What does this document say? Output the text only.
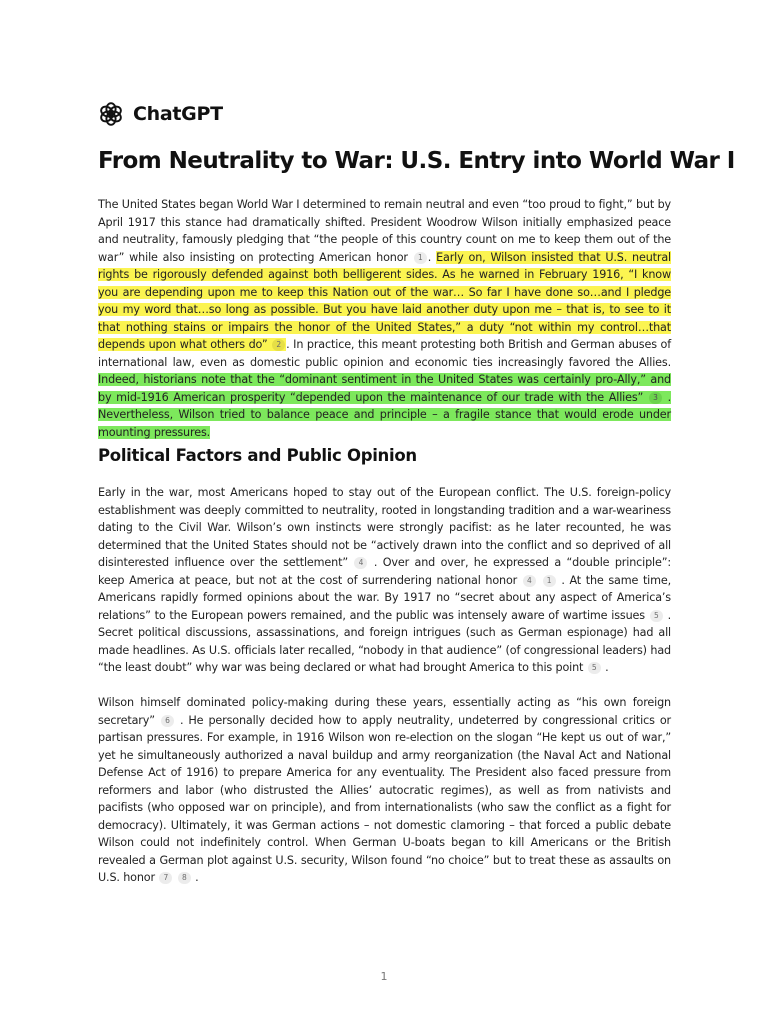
ChatGPT
From Neutrality to War: U.S. Entry into World War I

The United States began World War I determined to remain neutral and even “too proud to fight,” but by April 1917 this stance had dramatically shifted. President Woodrow Wilson initially emphasized peace and neutrality, famously pledging that “the people of this country count on me to keep them out of the war” while also insisting on protecting American honor 1 . Early on, Wilson insisted that U.S. neutral rights be rigorously defended against both belligerent sides. As he warned in February 1916, “I know you are depending upon me to keep this Nation out of the war… So far I have done so…and I pledge you my word that…so long as possible. But you have laid another duty upon me – that is, to see to it that nothing stains or impairs the honor of the United States,” a duty “not within my control…that depends upon what others do” 2 . In practice, this meant protesting both British and German abuses of international law, even as domestic public opinion and economic ties increasingly favored the Allies. Indeed, historians note that the “dominant sentiment in the United States was certainly pro-Ally,” and by mid-1916 American prosperity “depended upon the maintenance of our trade with the Allies” 3 . Nevertheless, Wilson tried to balance peace and principle – a fragile stance that would erode under mounting pressures.

Political Factors and Public Opinion

Early in the war, most Americans hoped to stay out of the European conflict. The U.S. foreign-policy establishment was deeply committed to neutrality, rooted in longstanding tradition and a war-weariness dating to the Civil War. Wilson’s own instincts were strongly pacifist: as he later recounted, he was determined that the United States should not be “actively drawn into the conflict and so deprived of all disinterested influence over the settlement” 4 . Over and over, he expressed a “double principle”: keep America at peace, but not at the cost of surrendering national honor 4 1 . At the same time, Americans rapidly formed opinions about the war. By 1917 no “secret about any aspect of America’s relations” to the European powers remained, and the public was intensely aware of wartime issues 5 . Secret political discussions, assassinations, and foreign intrigues (such as German espionage) had all made headlines. As U.S. officials later recalled, “nobody in that audience” (of congressional leaders) had “the least doubt” why war was being declared or what had brought America to this point 5 .

Wilson himself dominated policy-making during these years, essentially acting as “his own foreign secretary” 6 . He personally decided how to apply neutrality, undeterred by congressional critics or partisan pressures. For example, in 1916 Wilson won re-election on the slogan “He kept us out of war,” yet he simultaneously authorized a naval buildup and army reorganization (the Naval Act and National Defense Act of 1916) to prepare America for any eventuality. The President also faced pressure from reformers and labor (who distrusted the Allies’ autocratic regimes), as well as from nativists and pacifists (who opposed war on principle), and from internationalists (who saw the conflict as a fight for democracy). Ultimately, it was German actions – not domestic clamoring – that forced a public debate Wilson could not indefinitely control. When German U-boats began to kill Americans or the British revealed a German plot against U.S. security, Wilson found “no choice” but to treat these as assaults on U.S. honor 7 8 .

1
